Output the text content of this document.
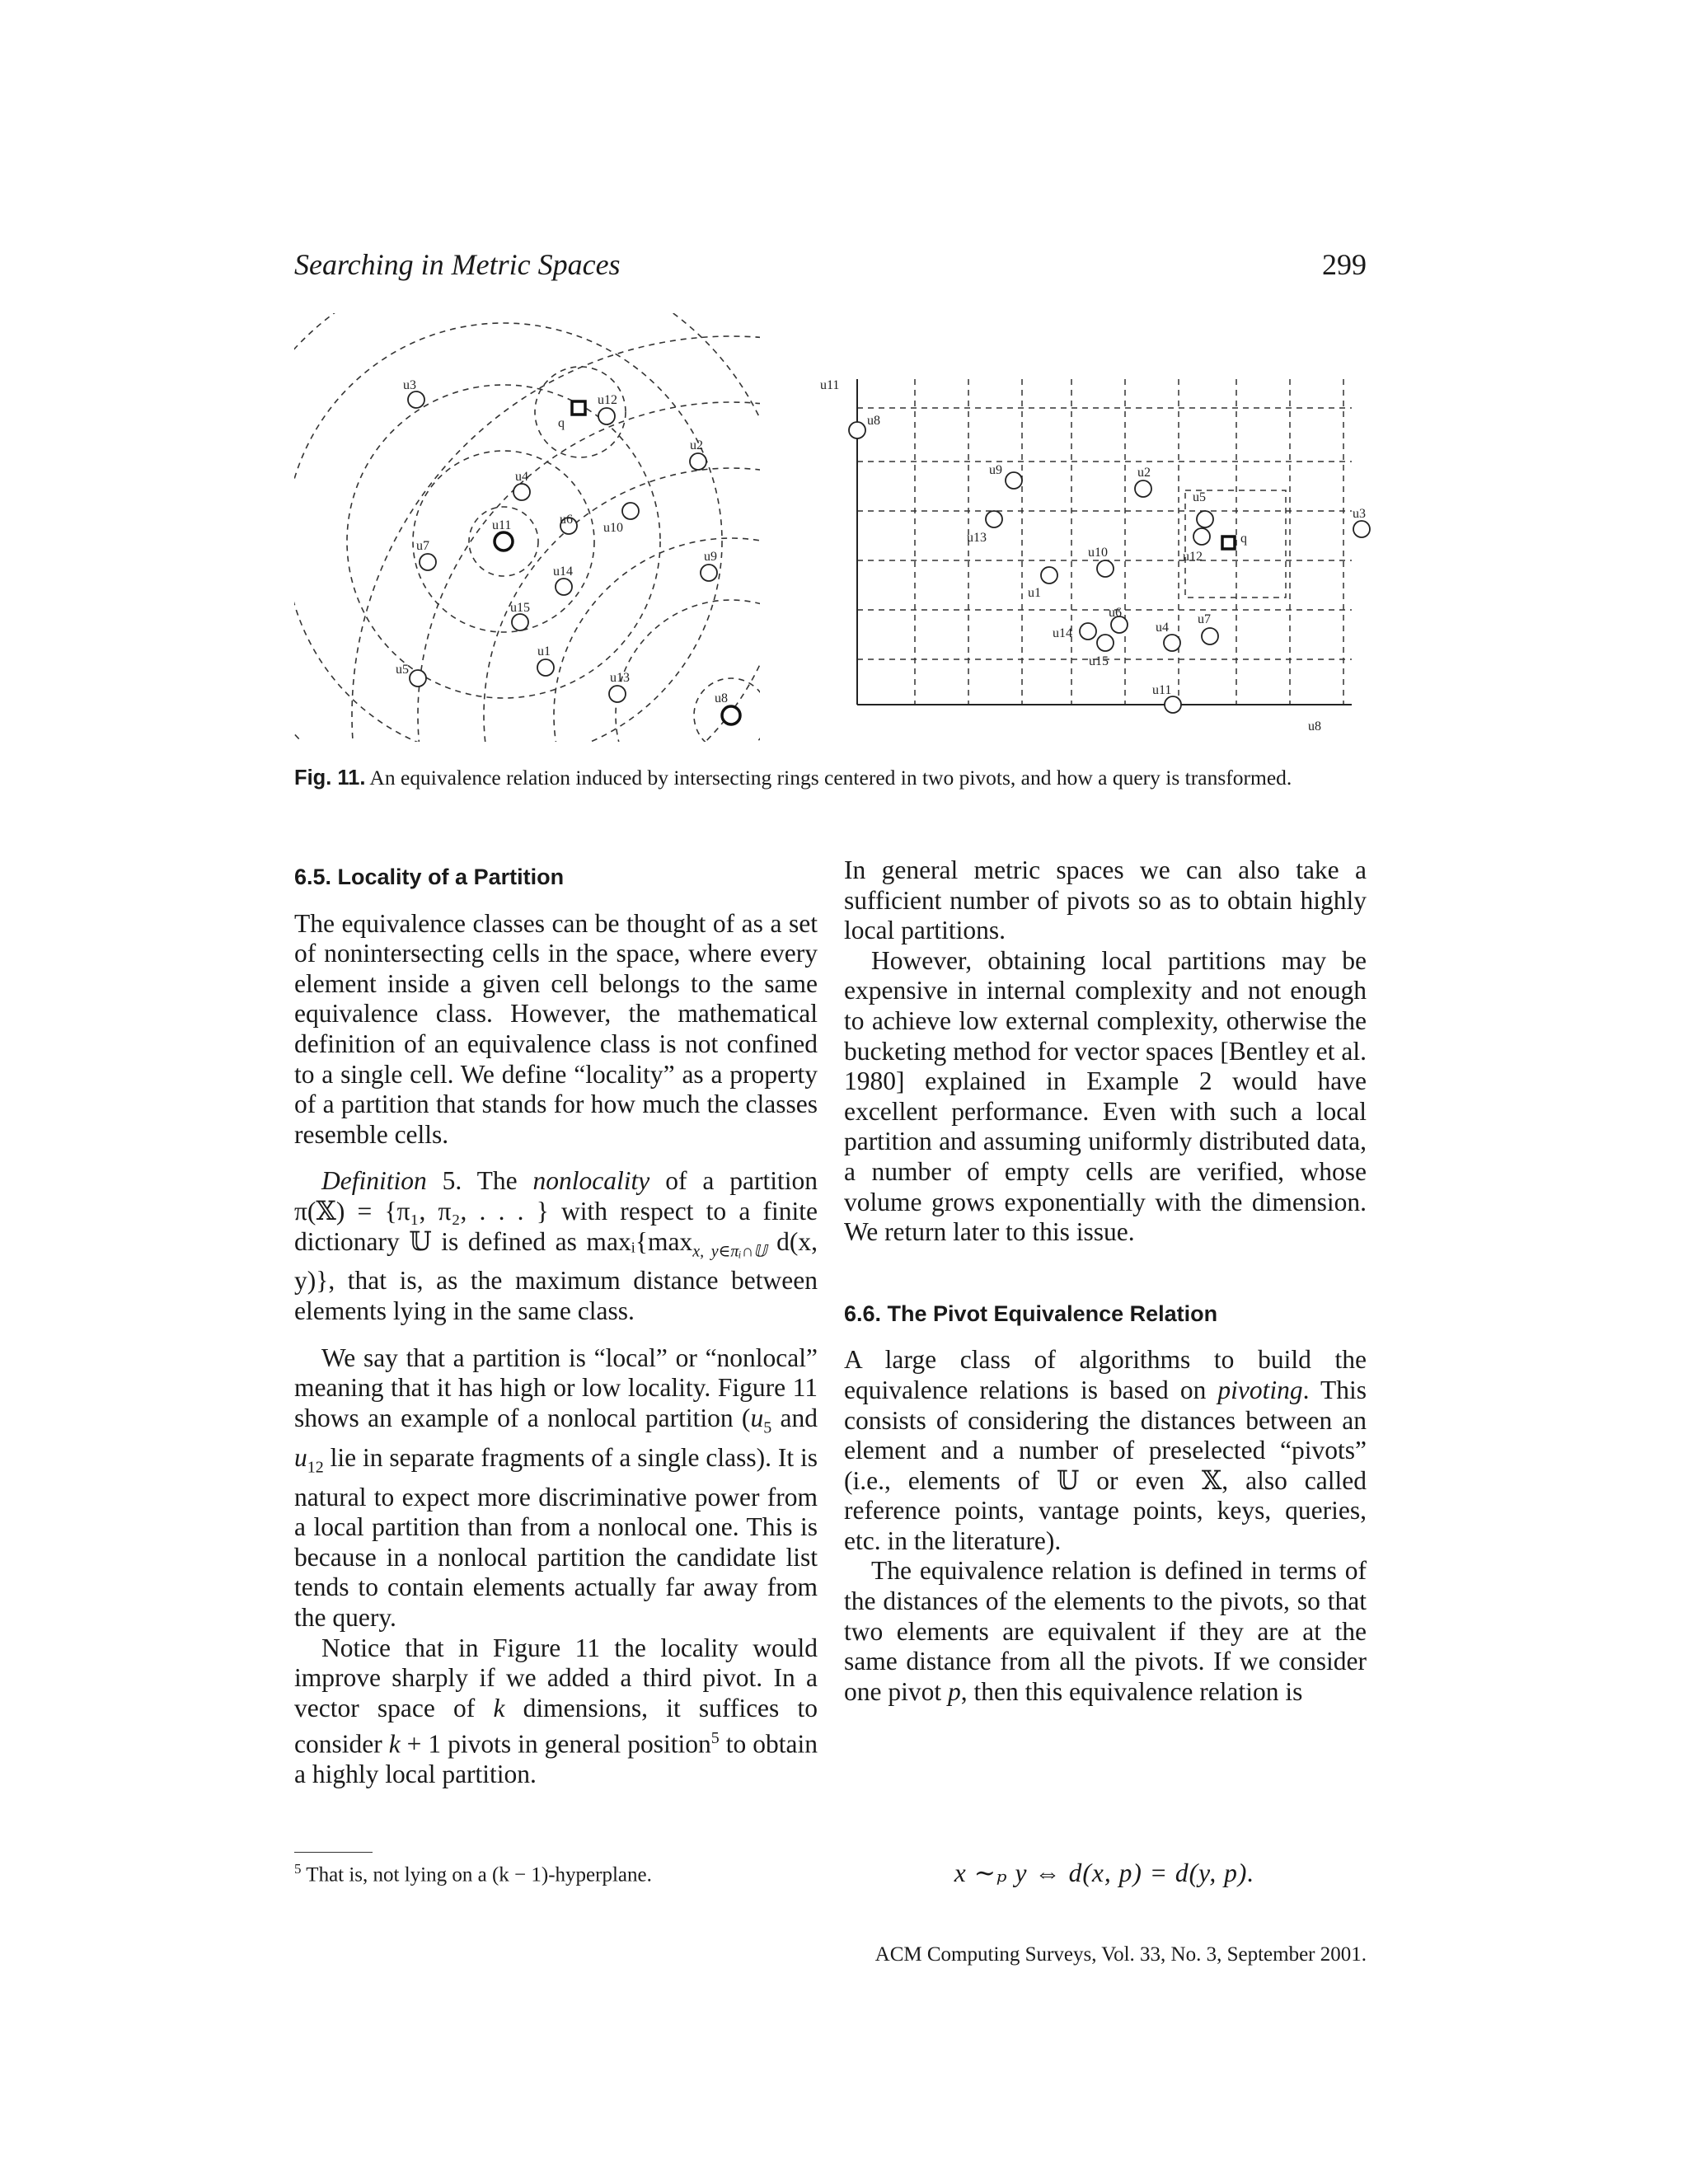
Searching in Metric Spaces	299
u3
q
u12
u2
u4
u6
u10
u11
u7
u9
u14
u15
u1
u5
u13
u8
u11
u8
u9	u2
u5
u3
u13	q
u12
u10
u1
u6
u14	u4
u7
u15
u11
u8
Fig. 11. An equivalence relation induced by intersecting rings centered in two pivots, and how a query is transformed.
6.5. Locality of a Partition

The equivalence classes can be thought of as a set of nonintersecting cells in the space, where every element inside a given cell belongs to the same equivalence class. However, the mathematical definition of an equivalence class is not confined to a single cell. We define “locality” as a property of a partition that stands for how much the classes resemble cells.

Definition 5. The nonlocality of a partition π(𝕏) = {π₁, π₂, . . . } with respect to a finite dictionary 𝕌 is defined as $\max ᵢ\{\max_{x, y\in\pi ᵢ\cap 𝕌}$ d(x, y)}, that is, as the maximum distance between elements lying in the same class.

We say that a partition is “local” or “nonlocal” meaning that it has high or low locality. Figure 11 shows an example of a nonlocal partition ($u_5$ and $u_{12}$ lie in separate fragments of a single class). It is natural to expect more discriminative power from a local partition than from a nonlocal one. This is because in a nonlocal partition the candidate list tends to contain elements actually far away from the query.

Notice that in Figure 11 the locality would improve sharply if we added a third pivot. In a vector space of k dimensions, it suffices to consider k + 1 pivots in general position$^5$ to obtain a highly local partition.

In general metric spaces we can also take a sufficient number of pivots so as to obtain highly local partitions.

However, obtaining local partitions may be expensive in internal complexity and not enough to achieve low external complexity, otherwise the bucketing method for vector spaces [Bentley et al. 1980] explained in Example 2 would have excellent performance. Even with such a local partition and assuming uniformly distributed data, a number of empty cells are verified, whose volume grows exponentially with the dimension. We return later to this issue.

6.6. The Pivot Equivalence Relation

A large class of algorithms to build the equivalence relations is based on pivoting. This consists of considering the distances between an element and a number of preselected “pivots” (i.e., elements of 𝕌 or even 𝕏, also called reference points, vantage points, keys, queries, etc. in the literature).

The equivalence relation is defined in terms of the distances of the elements to the pivots, so that two elements are equivalent if they are at the same distance from all the pivots. If we consider one pivot p, then this equivalence relation is

x ∼ₚ y ⇔ d(x, p) = d(y, p).
$^5$ That is, not lying on a (k − 1)-hyperplane.
ACM Computing Surveys, Vol. 33, No. 3, September 2001.
